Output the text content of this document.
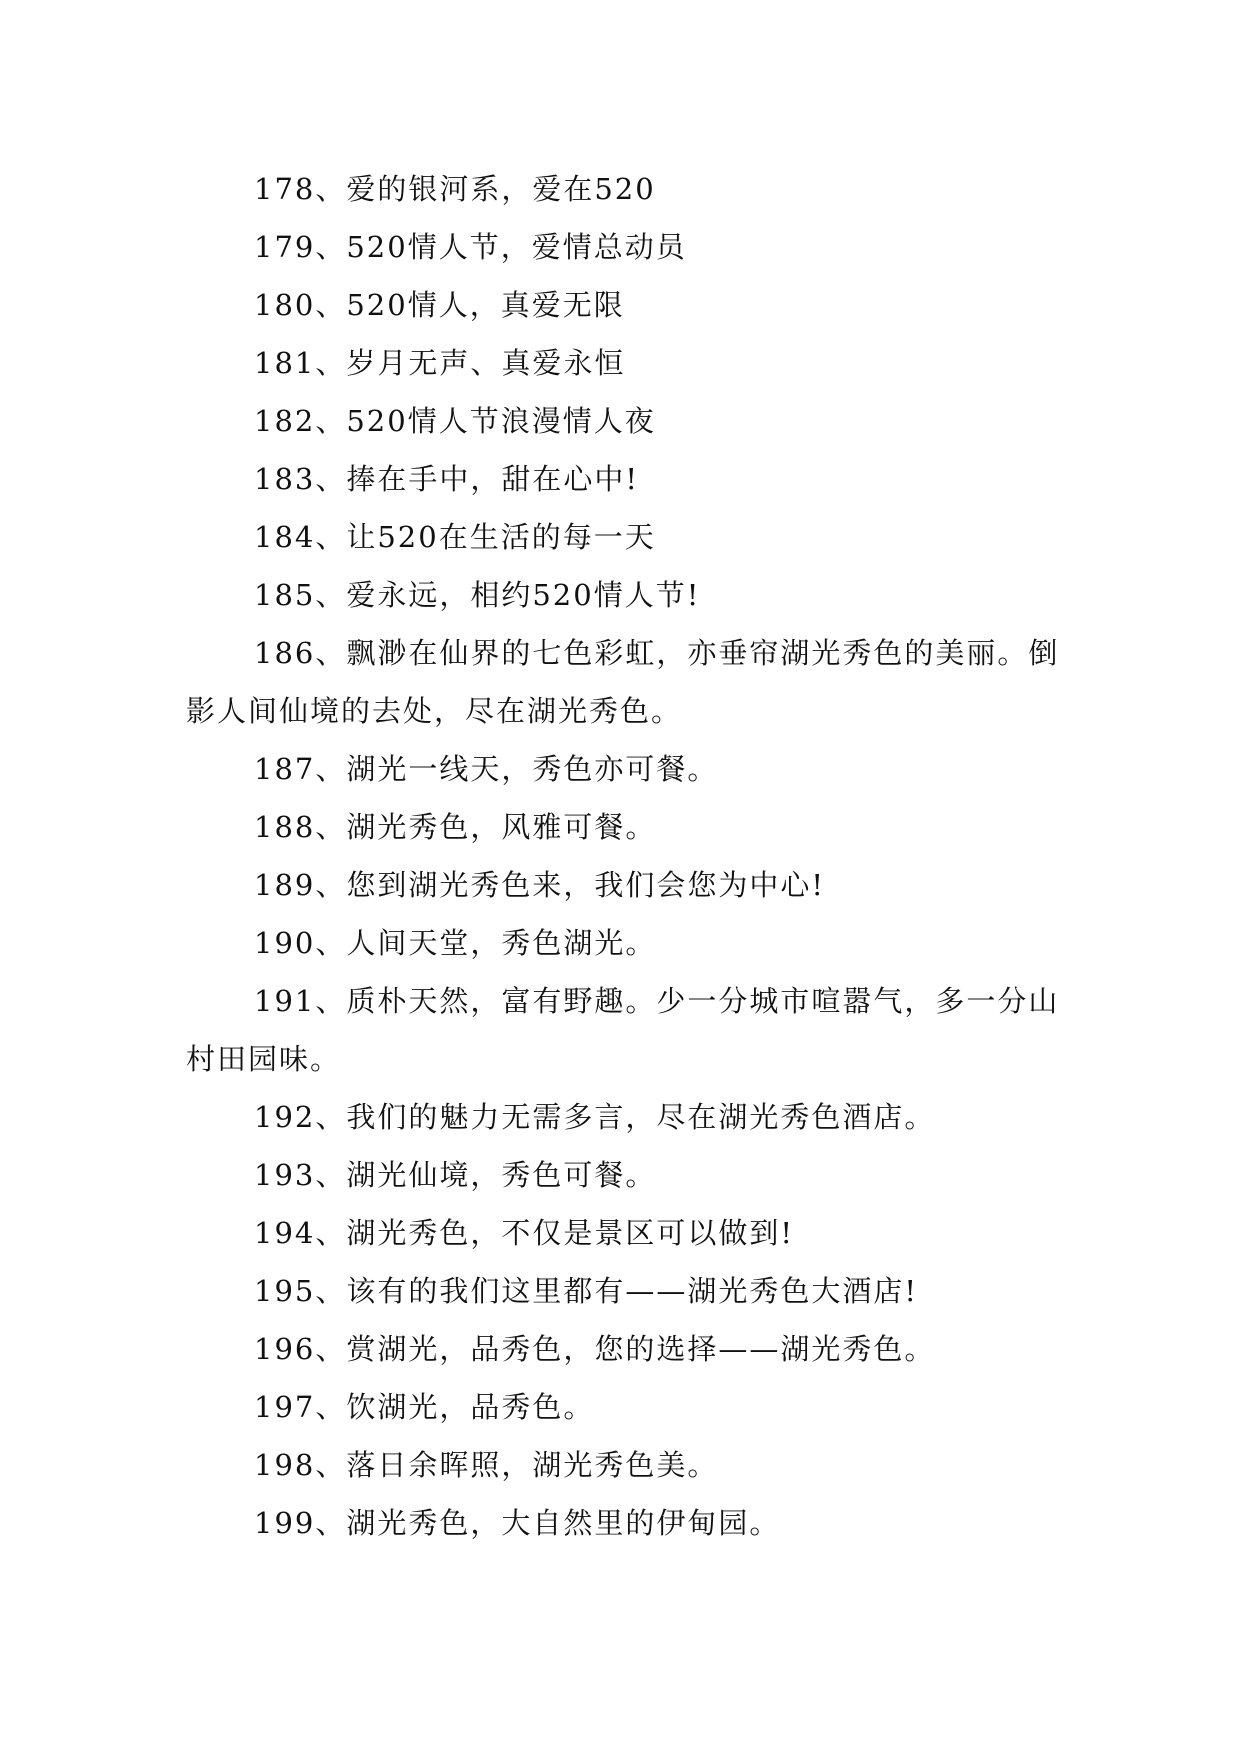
178、爱的银河系，爱在520

179、520情人节，爱情总动员

180、520情人，真爱无限

181、岁月无声、真爱永恒

182、520情人节浪漫情人夜

183、捧在手中，甜在心中!

184、让520在生活的每一天

185、爱永远，相约520情人节!

186、飘渺在仙界的七色彩虹，亦垂帘湖光秀色的美丽。倒影人间仙境的去处，尽在湖光秀色。

187、湖光一线天，秀色亦可餐。

188、湖光秀色，风雅可餐。

189、您到湖光秀色来，我们会您为中心!

190、人间天堂，秀色湖光。

191、质朴天然，富有野趣。少一分城市喧嚣气，多一分山村田园味。

192、我们的魅力无需多言，尽在湖光秀色酒店。

193、湖光仙境，秀色可餐。

194、湖光秀色，不仅是景区可以做到!

195、该有的我们这里都有——湖光秀色大酒店!

196、赏湖光，品秀色，您的选择——湖光秀色。

197、饮湖光，品秀色。

198、落日余晖照，湖光秀色美。

199、湖光秀色，大自然里的伊甸园。
